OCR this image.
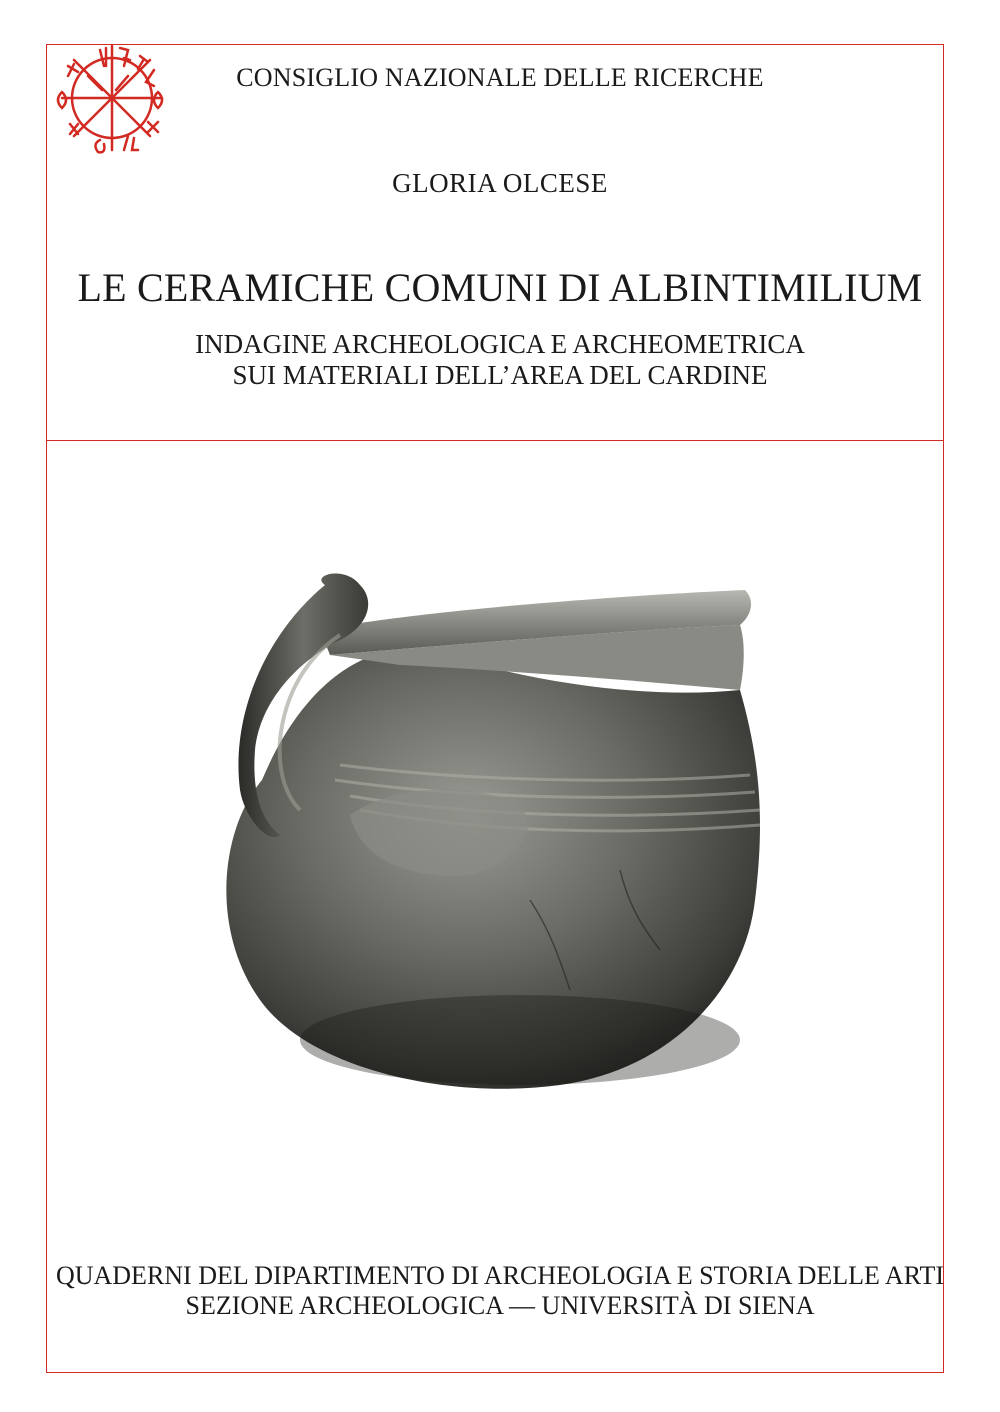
CONSIGLIO NAZIONALE DELLE RICERCHE
GLORIA OLCESE
LE CERAMICHE COMUNI DI ALBINTIMILIUM
INDAGINE ARCHEOLOGICA E ARCHEOMETRICA
SUI MATERIALI DELL’AREA DEL CARDINE
QUADERNI DEL DIPARTIMENTO DI ARCHEOLOGIA E STORIA DELLE ARTI
SEZIONE ARCHEOLOGICA — UNIVERSITÀ DI SIENA
